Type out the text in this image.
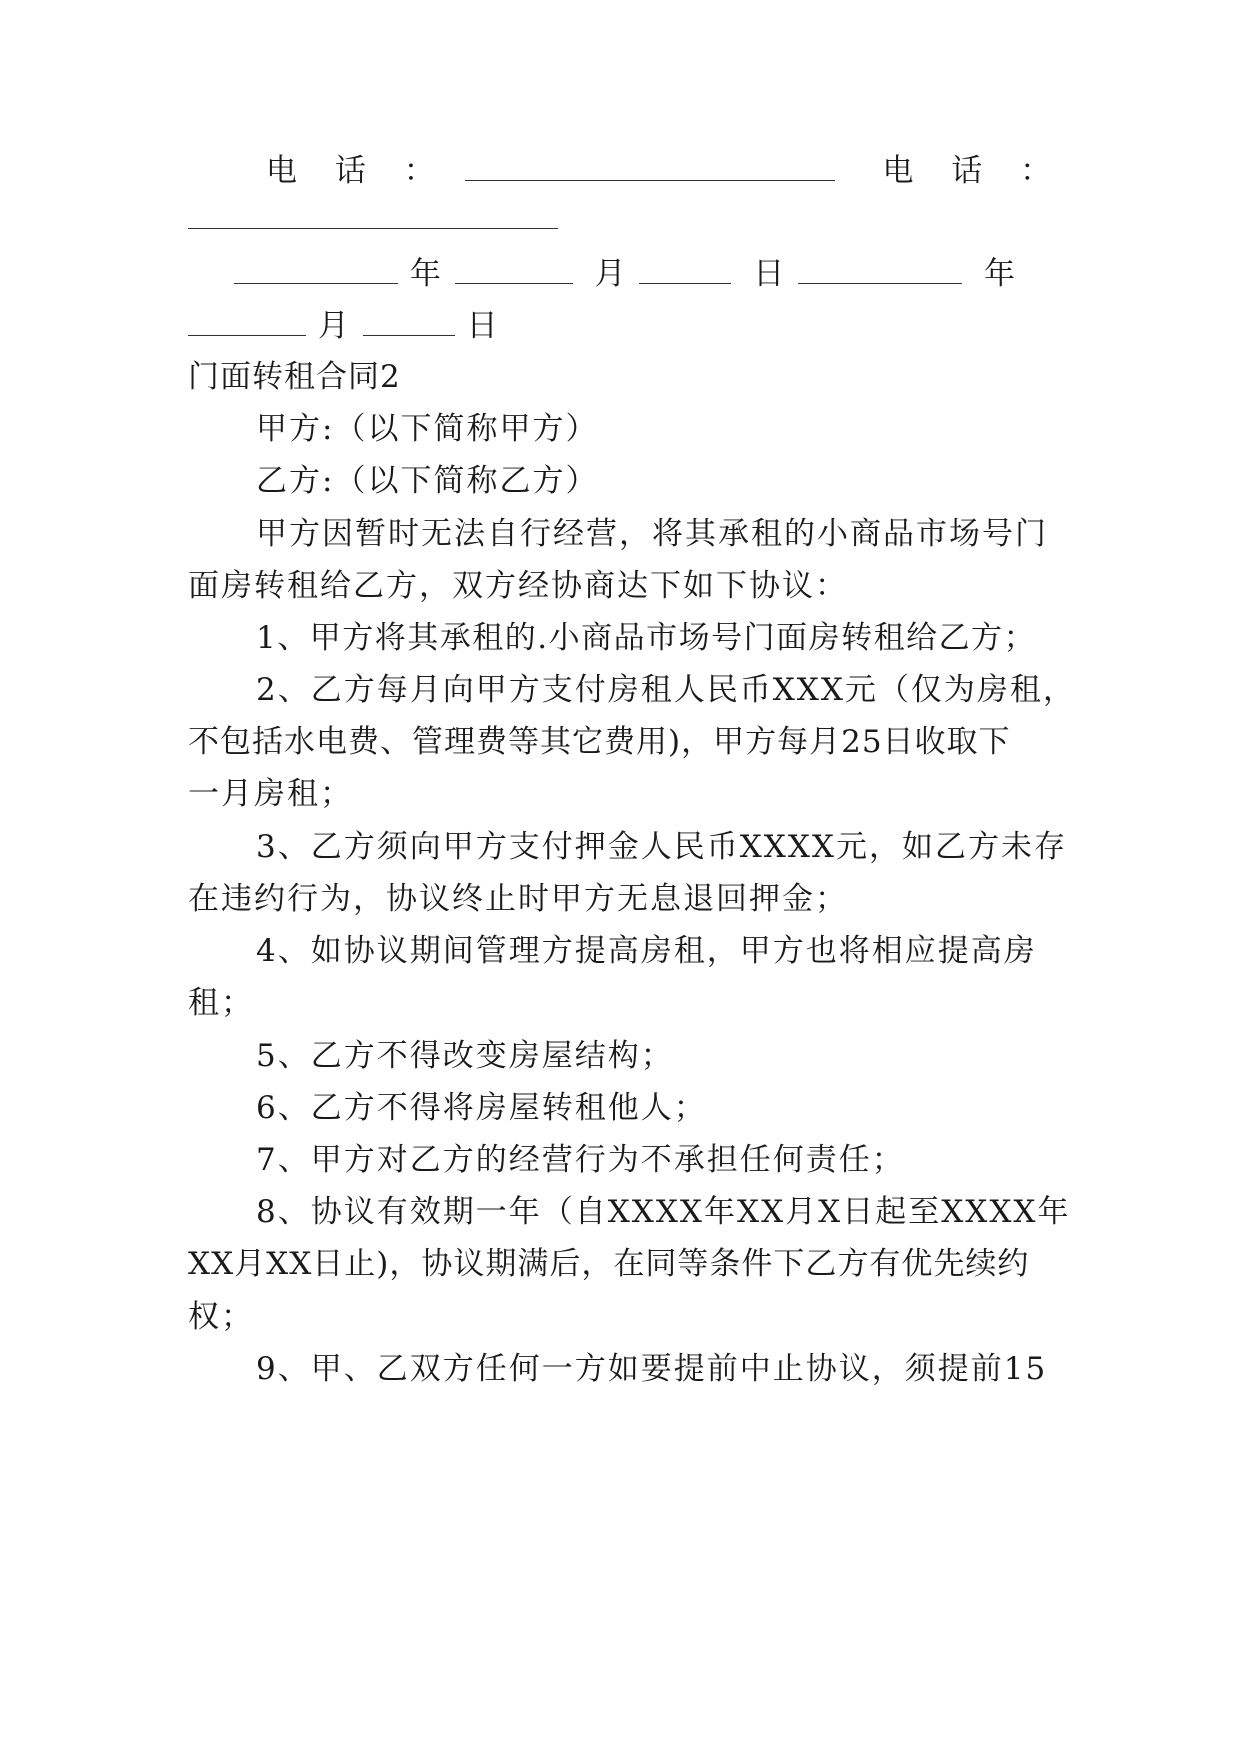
电 话 ：	电 话 ：
年	月	日	年
月	日
门面转租合同2
甲方:（以下简称甲方）
乙方:（以下简称乙方）
甲方因暂时无法自行经营，将其承租的小商品市场号门
面房转租给乙方，双方经协商达下如下协议：
1、甲方将其承租的.小商品市场号门面房转租给乙方；
2、乙方每月向甲方支付房租人民币XXX元（仅为房租，
不包括水电费、管理费等其它费用)，甲方每月25日收取下
一月房租；
3、乙方须向甲方支付押金人民币XXXX元，如乙方未存
在违约行为，协议终止时甲方无息退回押金；
4、如协议期间管理方提高房租，甲方也将相应提高房
租；
5、乙方不得改变房屋结构；
6、乙方不得将房屋转租他人；
7、甲方对乙方的经营行为不承担任何责任；
8、协议有效期一年（自XXXX年XX月X日起至XXXX年
XX月XX日止)，协议期满后，在同等条件下乙方有优先续约
权；
9、甲、乙双方任何一方如要提前中止协议，须提前15
